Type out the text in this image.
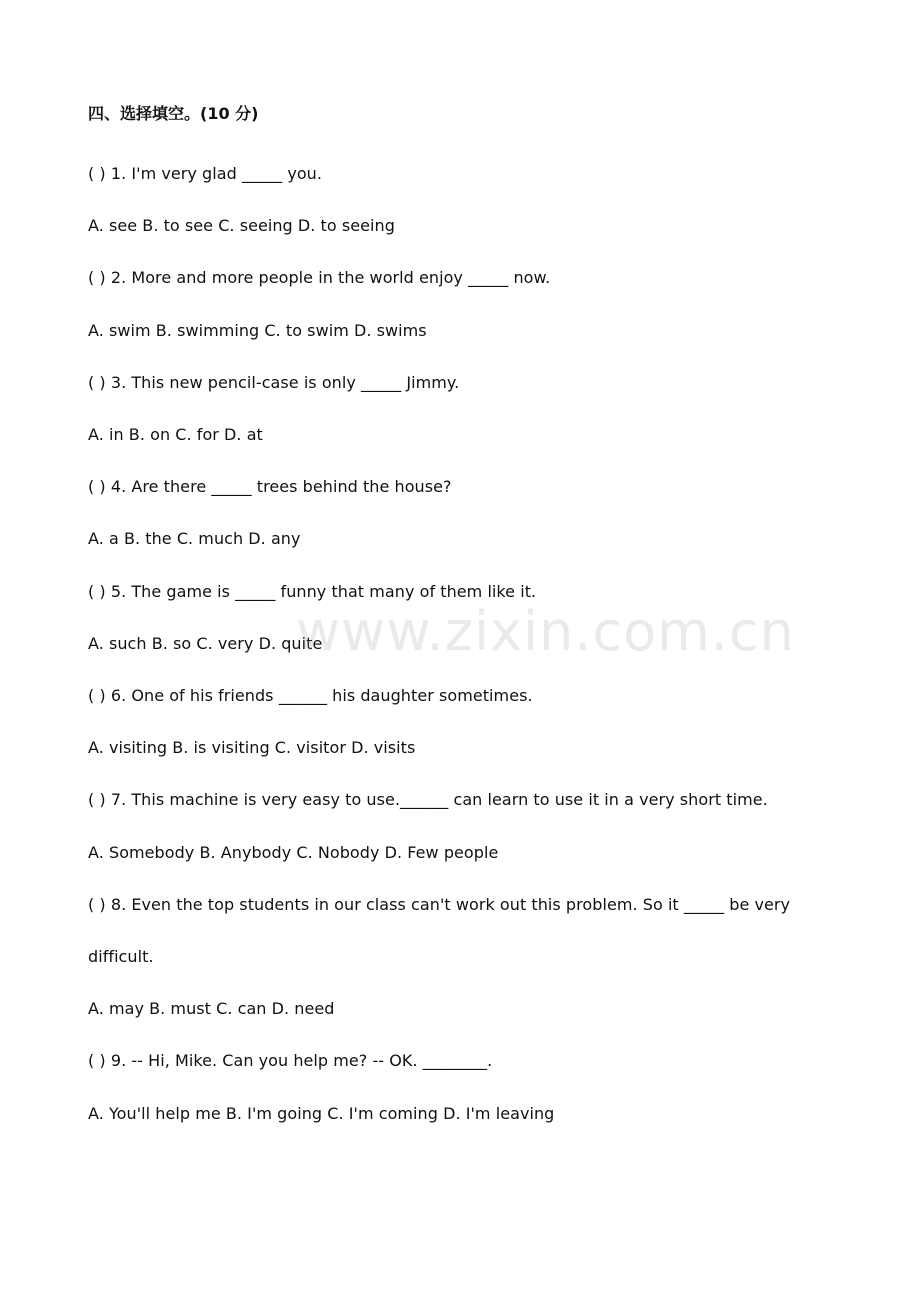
四、选择填空。(10 分)
( ) 1. I'm very glad _____ you.
A. see B. to see C. seeing D. to seeing
( ) 2. More and more people in the world enjoy _____ now.
A. swim B. swimming C. to swim D. swims
( ) 3. This new pencil-case is only _____ Jimmy.
A. in B. on C. for D. at
( ) 4. Are there _____ trees behind the house?
A. a B. the C. much D. any
( ) 5. The game is _____ funny that many of them like it.
A. such B. so C. very D. quite
( ) 6. One of his friends ______ his daughter sometimes.
A. visiting B. is visiting C. visitor D. visits
( ) 7. This machine is very easy to use.______ can learn to use it in a very short time.
A. Somebody B. Anybody C. Nobody D. Few people
( ) 8. Even the top students in our class can't work out this problem. So it _____ be very difficult.
A. may B. must C. can D. need
( ) 9. -- Hi, Mike. Can you help me? -- OK. ________.
A. You'll help me B. I'm going C. I'm coming D. I'm leaving
www.zixin.com.cn
